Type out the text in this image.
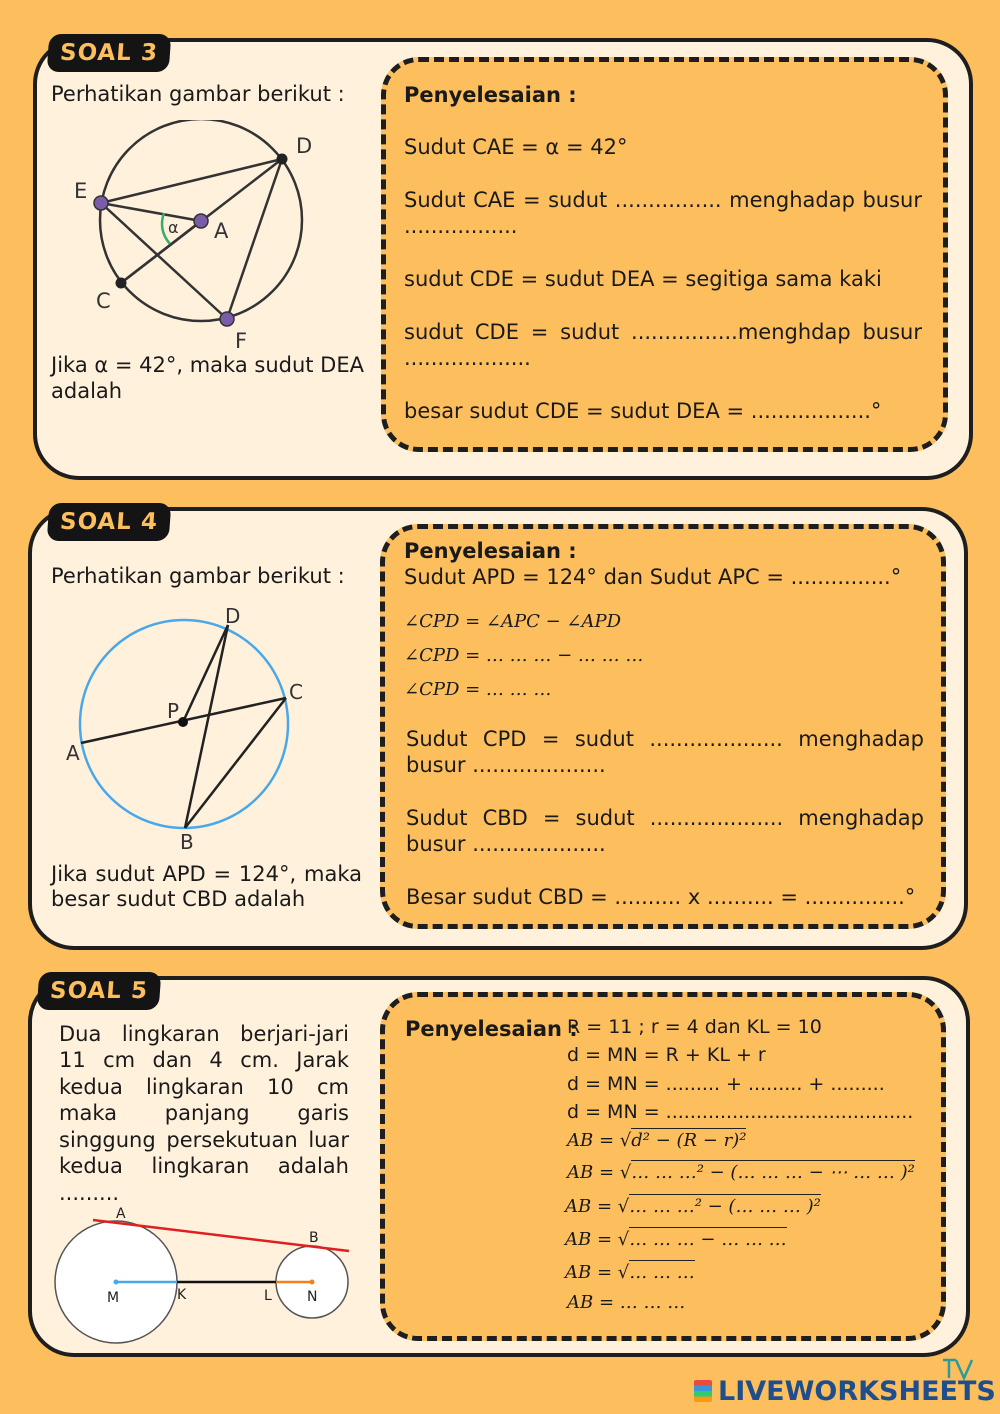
SOAL 3

Perhatikan gambar berikut :

D
E
A
C
F
α

Jika α = 42°, maka sudut DEA

adalah

Penyelesaian :

Sudut CAE = α = 42°

Sudut CAE = sudut ................ menghadap busur

.................

sudut CDE = sudut DEA = segitiga sama kaki

sudut CDE = sudut ................menghdap busur

...................

besar sudut CDE = sudut DEA = ..................°

SOAL 4

Perhatikan gambar berikut :

D
C
P
A
B

Jika sudut APD = 124°, maka

besar sudut CBD adalah

Penyelesaian :

Sudut APD = 124° dan Sudut APC = ...............°

∠CPD = ∠APC − ∠APD
∠CPD = … … … − … … …
∠CPD = … … …

Sudut CPD = sudut .................... menghadap

busur ....................

Sudut CBD = sudut .................... menghadap

busur ....................

Besar sudut CBD = .......... x .......... = ...............°

SOAL 5

Dua lingkaran berjari-jari

11 cm dan 4 cm. Jarak

kedua lingkaran 10 cm

maka panjang garis

singgung persekutuan luar

kedua lingkaran adalah

.........

A
B
M	K	L	N

Penyelesaian :

R = 11 ; r = 4 dan KL = 10

d = MN = R + KL + r

d = MN = ......... + ......... + .........

d = MN = .........................................

AB = √d² − (R − r)²
AB = √… … …² − (… … … − ⋯ … … )²
AB = √… … …² − (… … … )²
AB = √… … … − … … …
AB = √… … …
AB = … … …
LIVEWORKSHEETS
